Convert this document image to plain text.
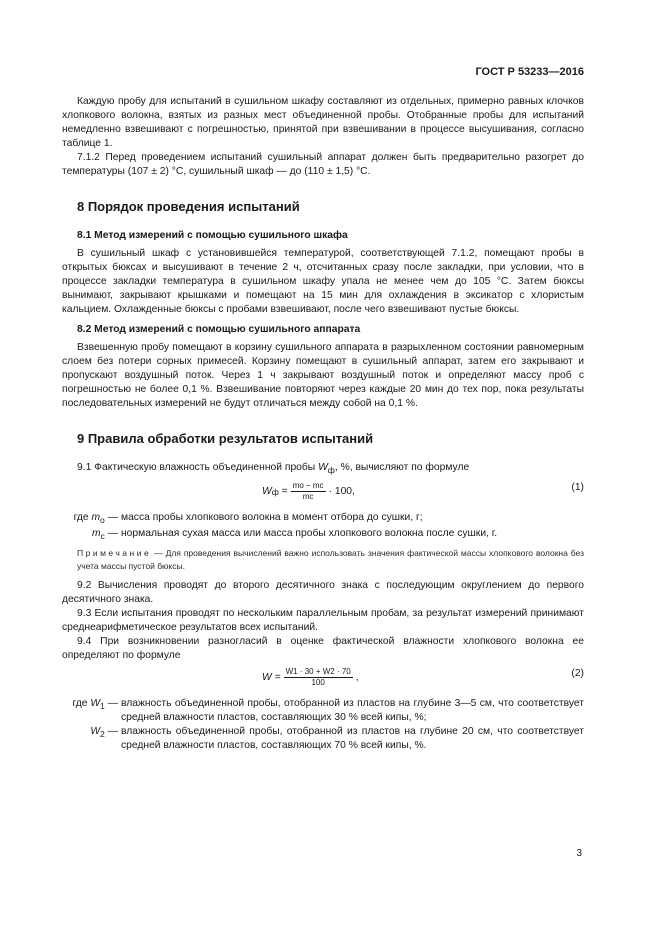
ГОСТ Р 53233—2016

Каждую пробу для испытаний в сушильном шкафу составляют из отдельных, примерно равных клочков хлопкового волокна, взятых из разных мест объединенной пробы. Отобранные пробы для испытаний немедленно взвешивают с погрешностью, принятой при взвешивании в процессе высушивания, согласно таблице 1.

7.1.2 Перед проведением испытаний сушильный аппарат должен быть предварительно разогрет до температуры (107 ± 2) °С, сушильный шкаф — до (110 ± 1,5) °С.

8 Порядок проведения испытаний
8.1 Метод измерений с помощью сушильного шкафа

В сушильный шкаф с установившейся температурой, соответствующей 7.1.2, помещают пробы в открытых бюксах и высушивают в течение 2 ч, отсчитанных сразу после закладки, при условии, что в процессе закладки температура в сушильном шкафу упала не менее чем до 105 °С. Затем бюксы вынимают, закрывают крышками и помещают на 15 мин для охлаждения в эксикатор с хлористым кальцием. Охлажденные бюксы с пробами взвешивают, после чего взвешивают пустые бюксы.

8.2 Метод измерений с помощью сушильного аппарата

Взвешенную пробу помещают в корзину сушильного аппарата в разрыхленном состоянии равномерным слоем без потери сорных примесей. Корзину помещают в сушильный аппарат, затем его закрывают и пропускают воздушный поток. Через 1 ч закрывают воздушный поток и определяют массу проб с погрешностью не более 0,1 %. Взвешивание повторяют через каждые 20 мин до тех пор, пока результаты последовательных измерений не будут отличаться между собой на 0,1 %.

9 Правила обработки результатов испытаний

9.1 Фактическую влажность объединенной пробы $W_ф$, %, вычисляют по формуле

W $ф = \frac{mо - mс}{mс} \cdot 100$,	(1)
где $m_о$ — масса пробы хлопкового волокна в момент отбора до сушки, г;
$m_с$ — нормальная сухая масса или масса пробы хлопкового волокна после сушки, г.

Примечание — Для проведения вычислений важно использовать значения фактической массы хлопкового волокна без учета массы пустой бюксы.

9.2 Вычисления проводят до второго десятичного знака с последующим округлением до первого десятичного знака.

9.3 Если испытания проводят по нескольким параллельным пробам, за результат измерений принимают среднеарифметическое результатов всех испытаний.

9.4 При возникновении разногласий в оценке фактической влажности хлопкового волокна ее определяют по формуле

$W = \frac{W1 \cdot 30 + W2 \cdot 70}{100}$ ,	(2)
где $W_1$ — влажность объединенной пробы, отобранной из пластов на глубине 3—5 см, что соответствует средней влажности пластов, составляющих 30 % всей кипы, %;
$W_2$ — влажность объединенной пробы, отобранной из пластов на глубине 20 см, что соответствует средней влажности пластов, составляющих 70 % всей кипы, %.
3
